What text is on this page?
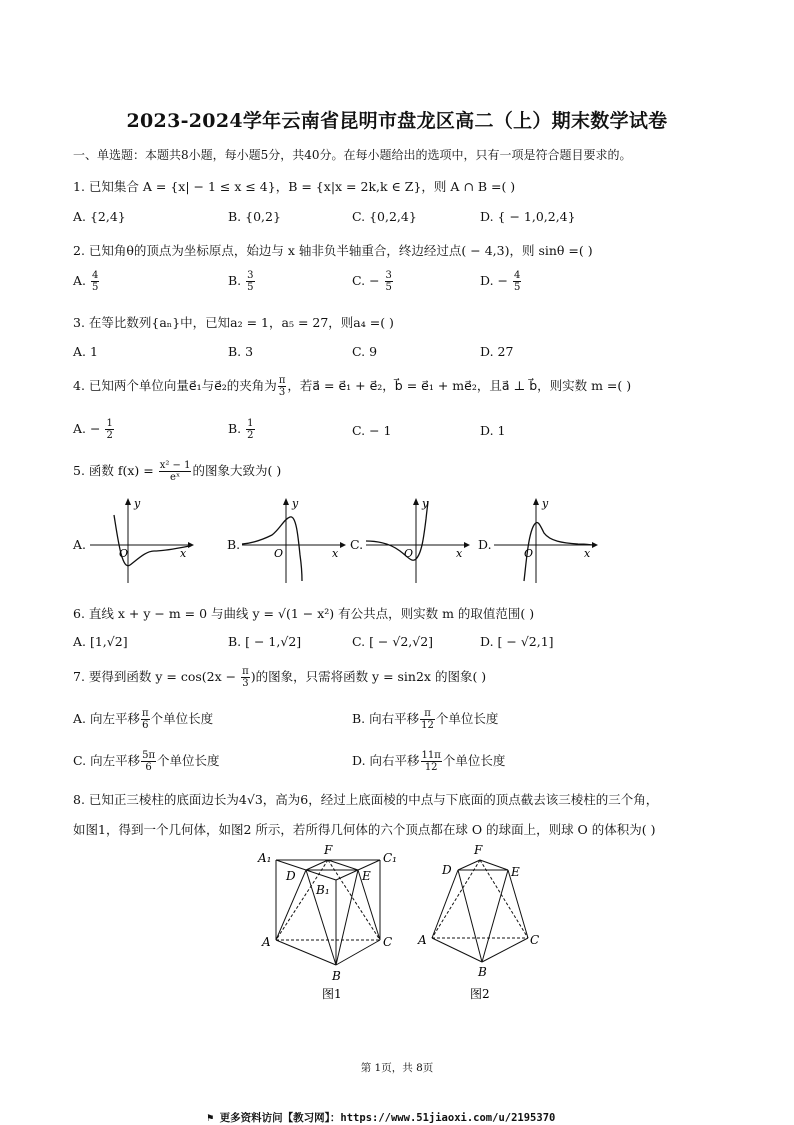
2023-2024学年云南省昆明市盘龙区高二（上）期末数学试卷
一、单选题：本题共8小题，每小题5分，共40分。在每小题给出的选项中，只有一项是符合题目要求的。
1. 已知集合 A = {x| − 1 ≤ x ≤ 4}，B = {x|x = 2k,k ∈ Z}，则 A ∩ B =( )
A. {2,4}	B. {0,2}	C. {0,2,4}	D. { − 1,0,2,4}
2. 已知角θ的顶点为坐标原点，始边与 x 轴非负半轴重合，终边经过点( − 4,3)，则 sinθ =( )
A. $\frac{4}{5}$	B. $\frac{3}{5}$	C. − $\frac{3}{5}$	D. − $\frac{4}{5}$
3. 在等比数列{aₙ}中，已知a₂ = 1，a₅ = 27，则a₄ =( )
A. 1	B. 3	C. 9	D. 27
4. 已知两个单位向量e⃗₁与e⃗₂的夹角为 $\frac{\pi}{3}$ ，若a⃗ = e⃗₁ + e⃗₂，b⃗ = e⃗₁ + me⃗₂，且a⃗ ⊥ b⃗，则实数 m =( )
A. − $\frac{1}{2}$	B. $\frac{1}{2}$	C. − 1	D. 1
5. 函数 $f(x) = \frac{\text{x² − 1}}{\text{eˣ}}$ 的图象大致为( )
A.	B.	C.	D.
y
x
O
y
x
O
y
x
O
y
x
O
6. 直线 x + y − m = 0 与曲线 y = √(1 − x²) 有公共点，则实数 m 的取值范围( )
A. [1,√2]	B. [ − 1,√2]	C. [ − √2,√2]	D. [ − √2,1]
7. 要得到函数 $y = \cos(2x - \frac{\pi}{3}$ )的图象，只需将函数 y = sin2x 的图象( )
A. 向左平移 $\frac{\pi}{6}$ 个单位长度	B. 向右平移 $\frac{\pi}{12}$ 个单位长度
C. 向左平移 $\frac{5\pi}{6}$ 个单位长度	D. 向右平移 $\frac{11\pi}{12}$ 个单位长度
8. 已知正三棱柱的底面边长为4√3，高为6，经过上底面棱的中点与下底面的顶点截去该三棱柱的三个角，
如图1，得到一个几何体，如图2 所示，若所得几何体的六个顶点都在球 O 的球面上，则球 O 的体积为( )
A₁	C₁
F
D	E
B₁
A	C
B
图1
F
D	E
A	C
B
图2
第 1页，共 8页
⚑ 更多资料访问【教习网】：https://www.51jiaoxi.com/u/2195370
